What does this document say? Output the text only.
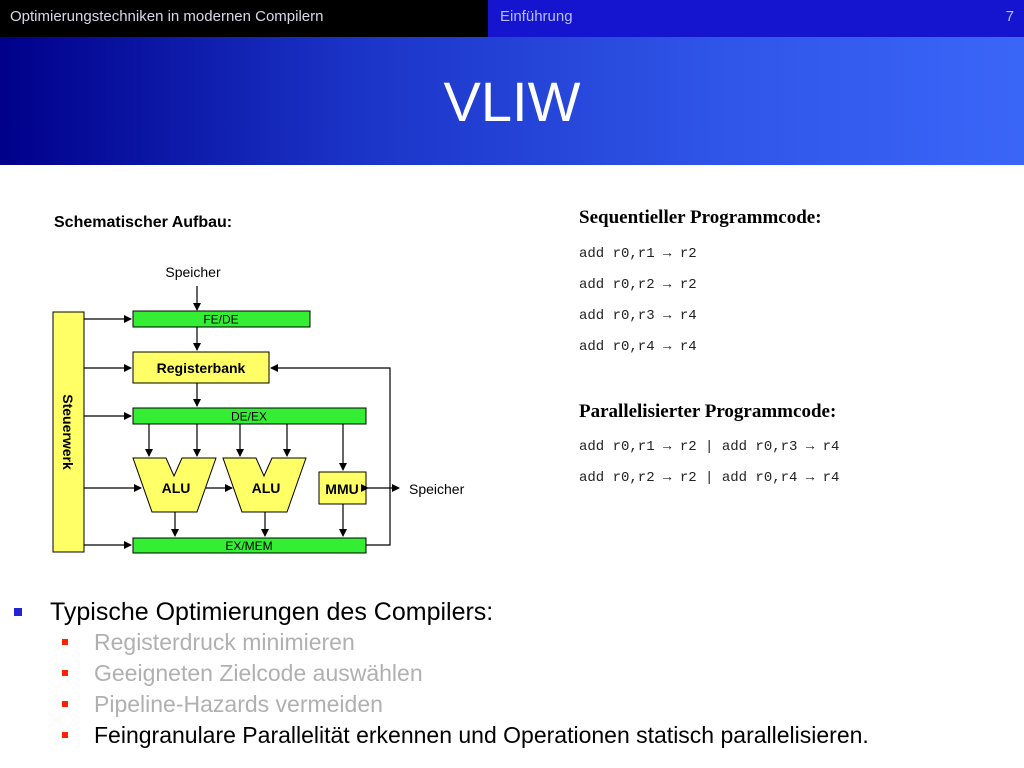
Optimierungstechniken in modernen Compilern	Einführung	7
VLIW
Schematischer Aufbau:
Speicher
Steuerwerk
FE/DE
Registerbank
DE/EX
ALU	ALU	MMU	Speicher
EX/MEM
Sequentieller Programmcode:
add r0,r1 → r2
add r0,r2 → r2
add r0,r3 → r4
add r0,r4 → r4
Parallelisierter Programmcode:
add r0,r1 → r2 | add r0,r3 → r4
add r0,r2 → r2 | add r0,r4 → r4
Typische Optimierungen des Compilers:
Registerdruck minimieren
Geeigneten Zielcode auswählen
Pipeline-Hazards vermeiden
Feingranulare Parallelität erkennen und Operationen statisch parallelisieren.
